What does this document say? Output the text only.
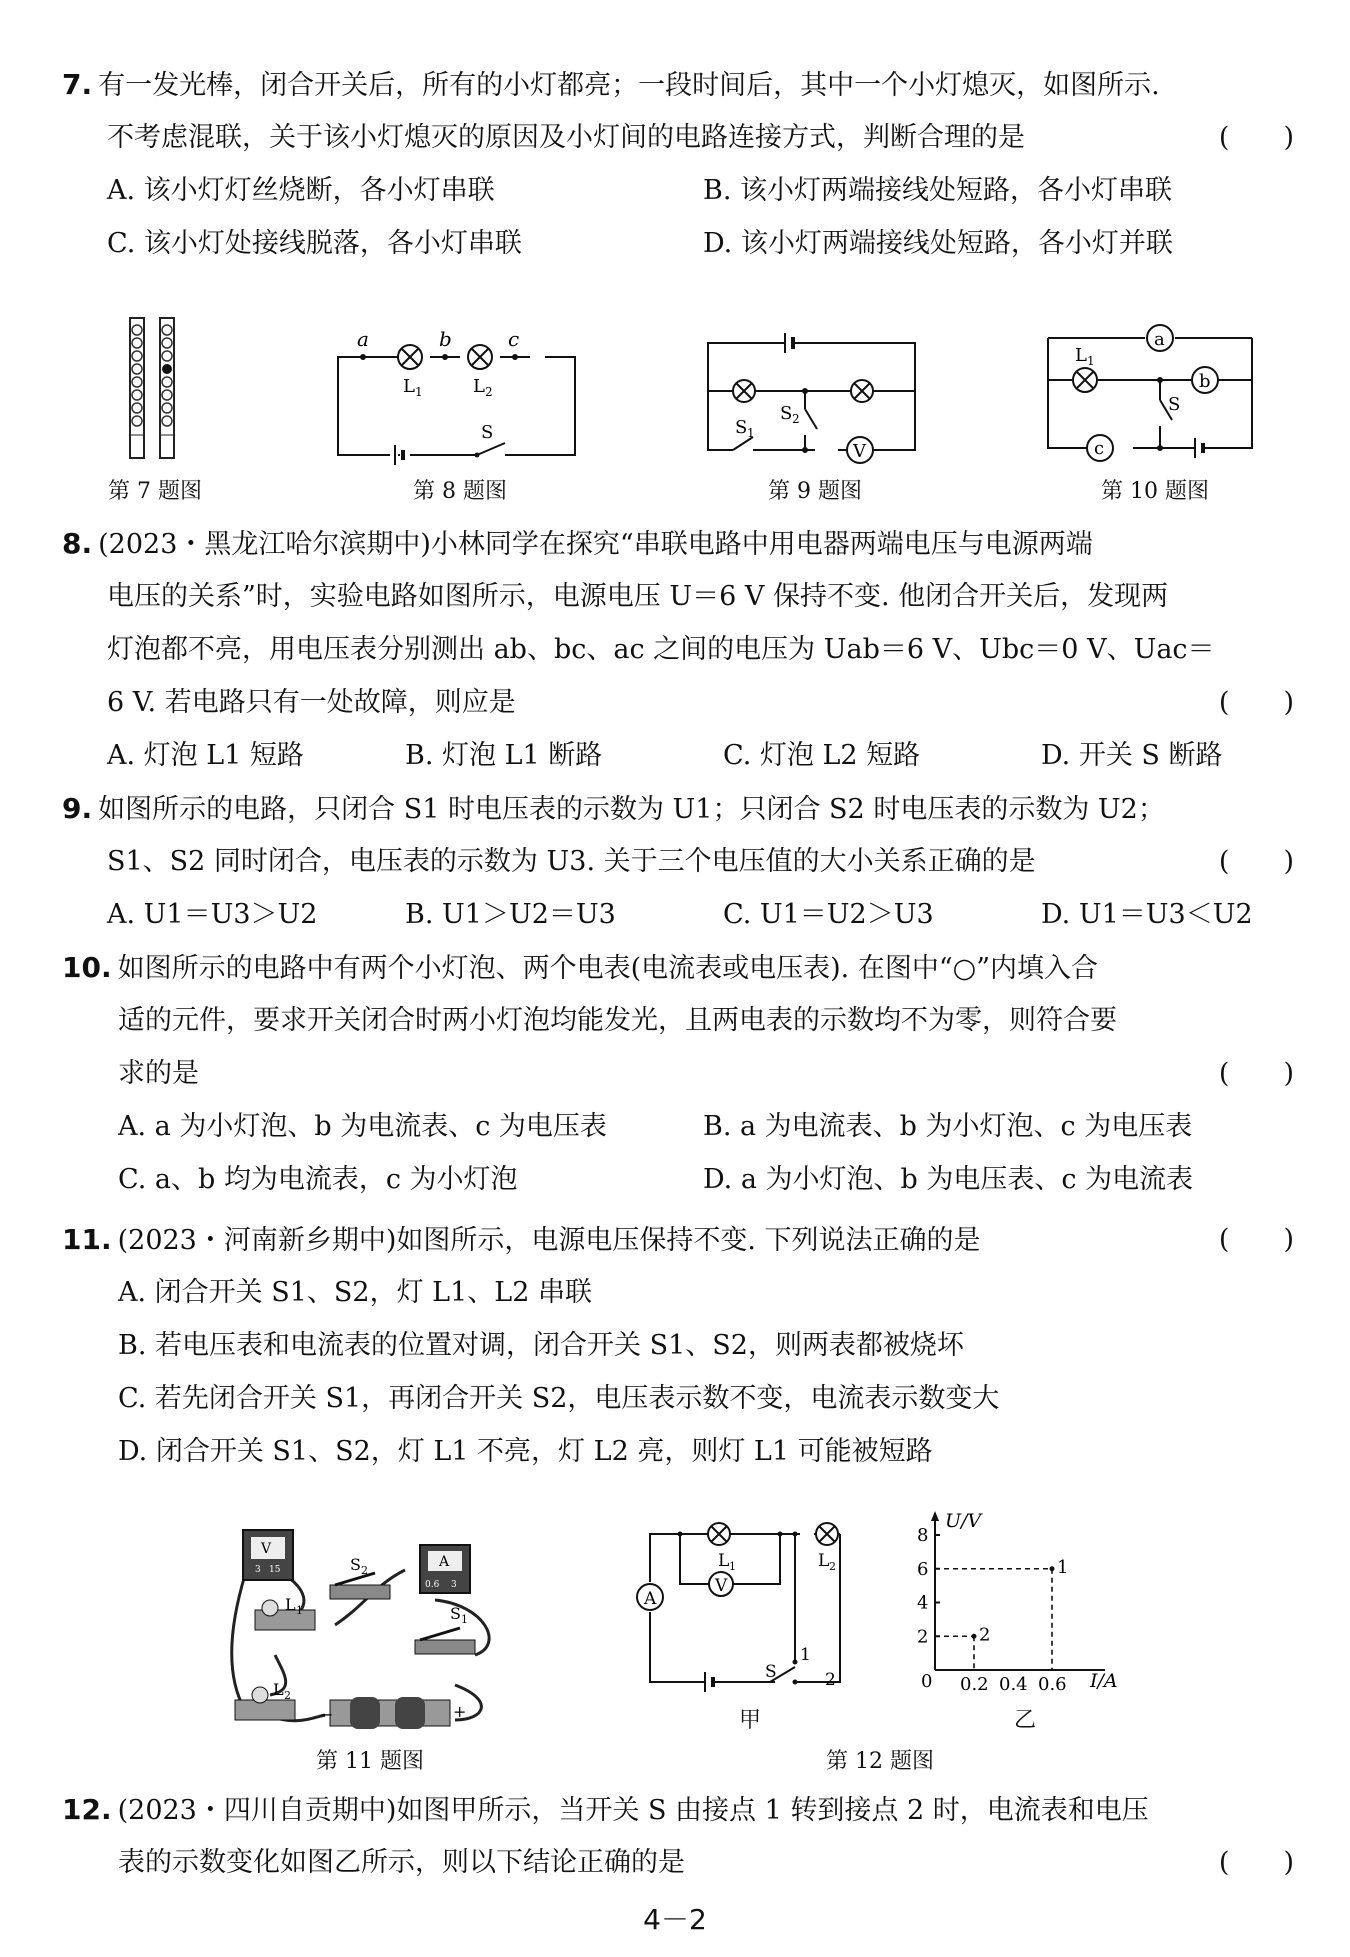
7. 有一发光棒，闭合开关后，所有的小灯都亮；一段时间后，其中一个小灯熄灭，如图所示.
不考虑混联，关于该小灯熄灭的原因及小灯间的电路连接方式，判断合理的是	(　　)
A. 该小灯灯丝烧断，各小灯串联	B. 该小灯两端接线处短路，各小灯串联
C. 该小灯处接线脱落，各小灯串联	D. 该小灯两端接线处短路，各小灯并联
第 7 题图
a	b	c
L 1	L 2
S
第 8 题图
V
S 1
S 2
第 9 题图
a
b
c
L 1
S
第 10 题图
8. (2023・黑龙江哈尔滨期中)小林同学在探究“串联电路中用电器两端电压与电源两端
电压的关系”时，实验电路如图所示，电源电压 U＝6 V 保持不变. 他闭合开关后，发现两
灯泡都不亮，用电压表分别测出 ab、bc、ac 之间的电压为 Uab＝6 V、Ubc＝0 V、Uac＝
6 V. 若电路只有一处故障，则应是	(　　)
A. 灯泡 L1 短路	B. 灯泡 L1 断路	C. 灯泡 L2 短路	D. 开关 S 断路
9. 如图所示的电路，只闭合 S1 时电压表的示数为 U1；只闭合 S2 时电压表的示数为 U2；
S1、S2 同时闭合，电压表的示数为 U3. 关于三个电压值的大小关系正确的是	(　　)
A. U1＝U3＞U2	B. U1＞U2＝U3	C. U1＝U2＞U3	D. U1＝U3＜U2
10. 如图所示的电路中有两个小灯泡、两个电表(电流表或电压表). 在图中“○”内填入合
适的元件，要求开关闭合时两小灯泡均能发光，且两电表的示数均不为零，则符合要
求的是	(　　)
A. a 为小灯泡、b 为电流表、c 为电压表	B. a 为电流表、b 为小灯泡、c 为电压表
C. a、b 均为电流表，c 为小灯泡	D. a 为小灯泡、b 为电压表、c 为电流表
11. (2023・河南新乡期中)如图所示，电源电压保持不变. 下列说法正确的是	(　　)
A. 闭合开关 S1、S2，灯 L1、L2 串联
B. 若电压表和电流表的位置对调，闭合开关 S1、S2，则两表都被烧坏
C. 若先闭合开关 S1，再闭合开关 S2，电压表示数不变，电流表示数变大
D. 闭合开关 S1、S2，灯 L1 不亮，灯 L2 亮，则灯 L1 可能被短路
V
3 15	A
0.6 3
L 1
S 2
S 1
L 2
−	+
第 11 题图
V
A
L 1	L 2
1
S	2
甲
U/V
I/A
0
2
4
6
8
0.2 0.4 0.6
1
2
乙
第 12 题图
12. (2023・四川自贡期中)如图甲所示，当开关 S 由接点 1 转到接点 2 时，电流表和电压
表的示数变化如图乙所示，则以下结论正确的是	(　　)
4－2
